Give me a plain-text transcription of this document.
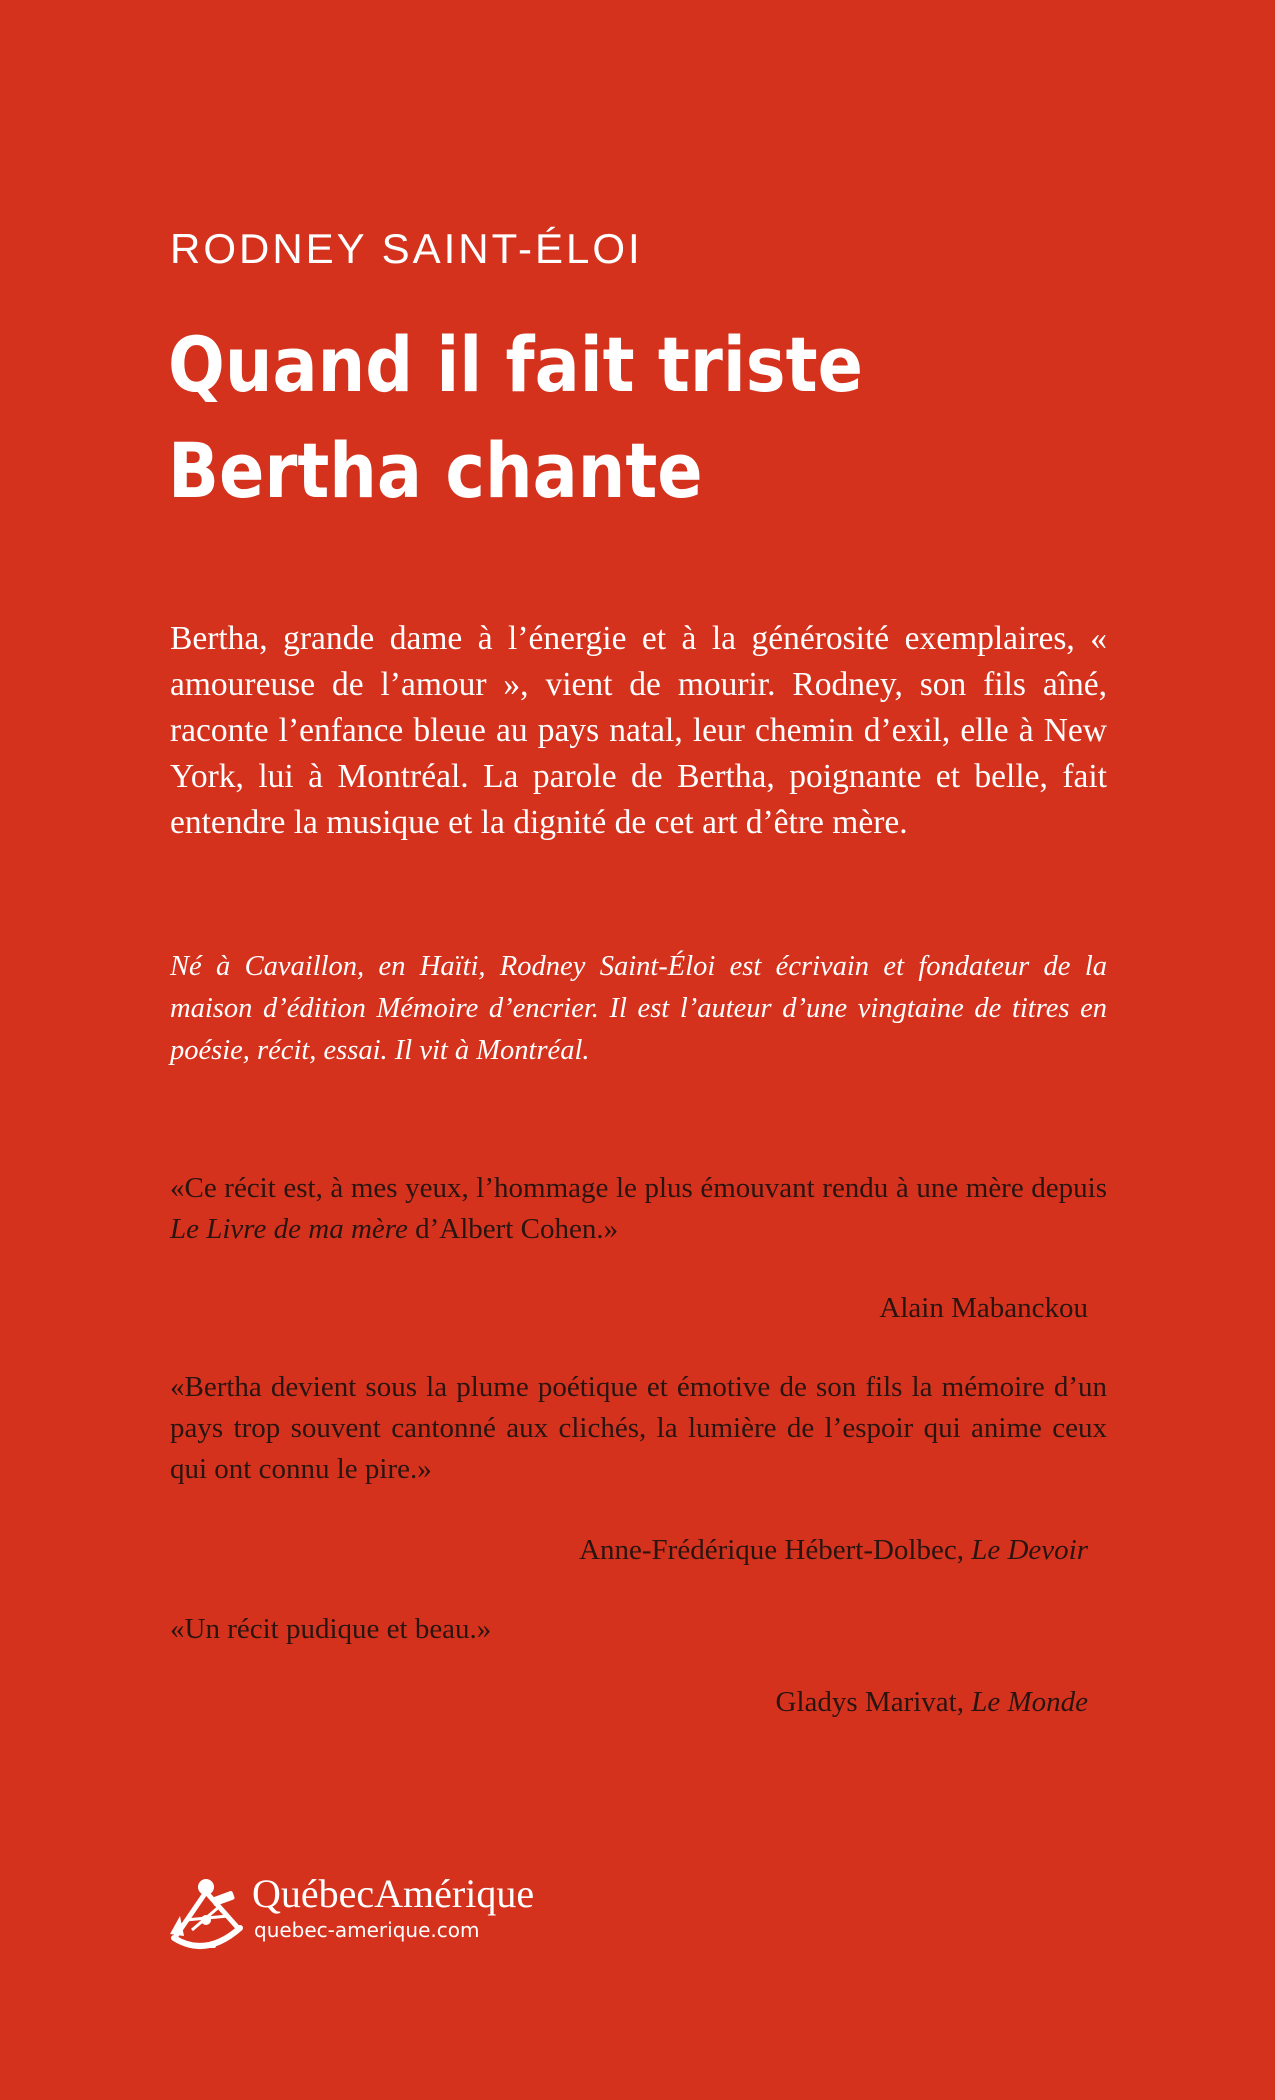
RODNEY SAINT-ÉLOI
Quand il fait triste
Bertha chante

Bertha, grande dame à l’énergie et à la générosité exemplaires, « amoureuse de l’amour », vient de mourir. Rodney, son fils aîné, raconte l’enfance bleue au pays natal, leur chemin d’exil, elle à New York, lui à Montréal. La parole de Bertha, poignante et belle, fait entendre la musique et la dignité de cet art d’être mère.

Né à Cavaillon, en Haïti, Rodney Saint-Éloi est écrivain et fondateur de la maison d’édition Mémoire d’encrier. Il est l’auteur d’une vingtaine de titres en poésie, récit, essai. Il vit à Montréal.

«Ce récit est, à mes yeux, l’hommage le plus émouvant rendu à une mère depuis Le Livre de ma mère d’Albert Cohen.»

Alain Mabanckou

«Bertha devient sous la plume poétique et émotive de son fils la mémoire d’un pays trop souvent cantonné aux clichés, la lumière de l’espoir qui anime ceux qui ont connu le pire.»

Anne-Frédérique Hébert-Dolbec, Le Devoir

«Un récit pudique et beau.»

Gladys Marivat, Le Monde
QuébecAmérique
quebec-amerique.com
